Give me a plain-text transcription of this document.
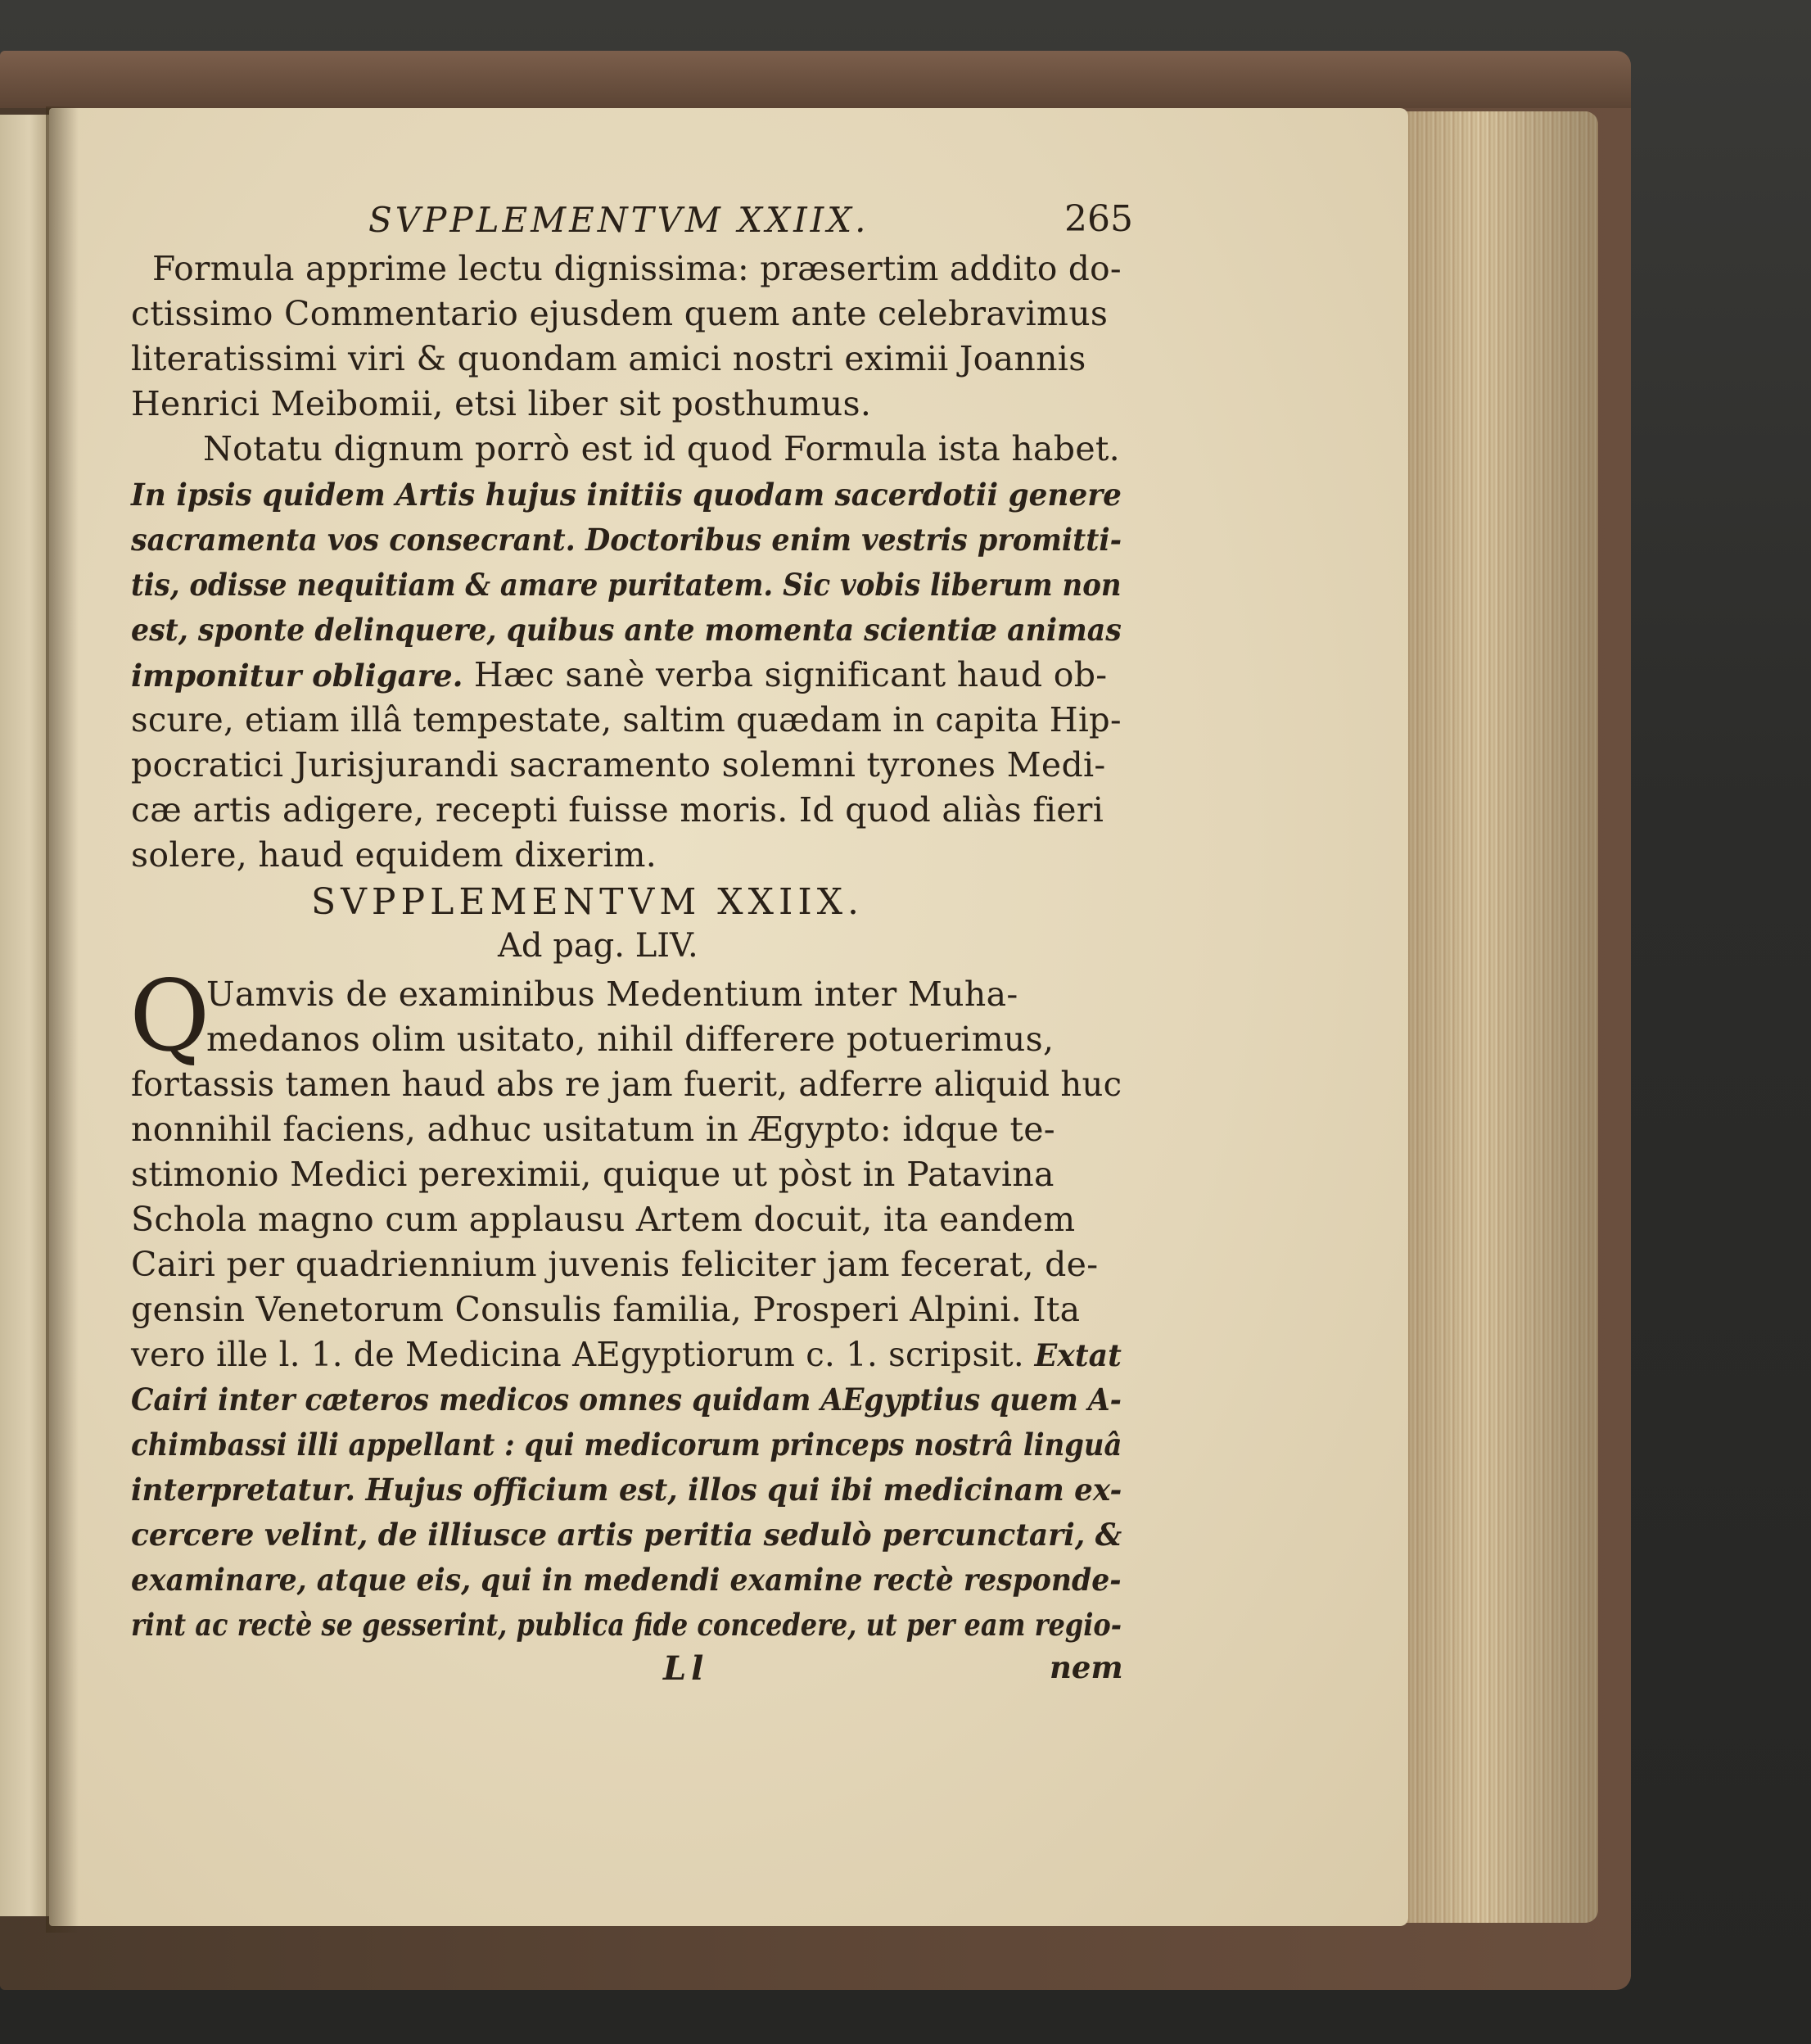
SVPPLEMENTVM XXIIX.	265
Formula apprime lectu dignissima: præsertim addito do-
ctissimo Commentario ejusdem quem ante celebravimus
literatissimi viri & quondam amici nostri eximii Joannis
Henrici Meibomii, etsi liber sit posthumus.
Notatu dignum porrò est id quod Formula ista habet.
In ipsis quidem Artis hujus initiis quodam sacerdotii genere
sacramenta vos consecrant. Doctoribus enim vestris promitti-
tis, odisse nequitiam & amare puritatem. Sic vobis liberum non
est, sponte delinquere, quibus ante momenta scientiæ animas
imponitur obligare. Hæc sanè verba significant haud ob-
scure, etiam illâ tempestate, saltim quædam in capita Hip-
pocratici Jurisjurandi sacramento solemni tyrones Medi-
cæ artis adigere, recepti fuisse moris. Id quod aliàs fieri
solere, haud equidem dixerim.
SVPPLEMENTVM XXIIX.
Ad pag. LIV.
Q
Uamvis de examinibus Medentium inter Muha-
medanos olim usitato, nihil differere potuerimus,
fortassis tamen haud abs re jam fuerit, adferre aliquid huc
nonnihil faciens, adhuc usitatum in Ægypto: idque te-
stimonio Medici pereximii, quique ut pòst in Patavina
Schola magno cum applausu Artem docuit, ita eandem
Cairi per quadriennium juvenis feliciter jam fecerat, de-
gensin Venetorum Consulis familia, Prosperi Alpini. Ita
vero ille l. 1. de Medicina AEgyptiorum c. 1. scripsit. Extat
Cairi inter cæteros medicos omnes quidam AEgyptius quem A-
chimbassi illi appellant : qui medicorum princeps nostrâ linguâ
interpretatur. Hujus officium est, illos qui ibi medicinam ex-
cercere velint, de illiusce artis peritia sedulò percunctari, &
examinare, atque eis, qui in medendi examine rectè responde-
rint ac rectè se gesserint, publica fide concedere, ut per eam regio-
Ll	nem
